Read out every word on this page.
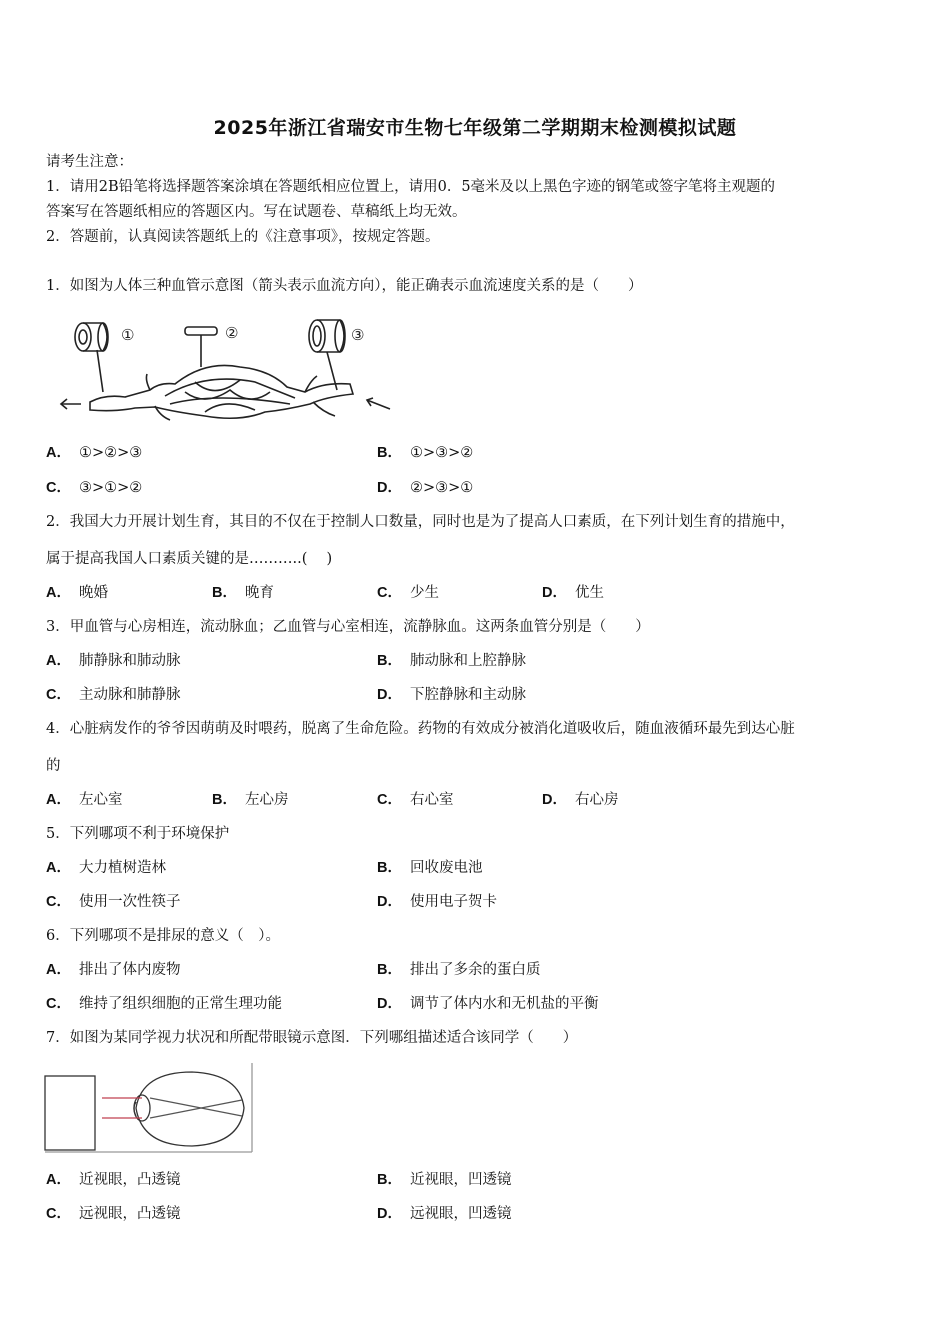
2025年浙江省瑞安市生物七年级第二学期期末检测模拟试题
请考生注意：
1．请用2B铅笔将选择题答案涂填在答题纸相应位置上，请用0．5毫米及以上黑色字迹的钢笔或签字笔将主观题的
答案写在答题纸相应的答题区内。写在试题卷、草稿纸上均无效。
2．答题前，认真阅读答题纸上的《注意事项》，按规定答题。
1．如图为人体三种血管示意图（箭头表示血流方向），能正确表示血流速度关系的是（　　）
①	②	③
A． ①>②>③	B． ①>③>②
C． ③>①>②	D． ②>③>①
2．我国大力开展计划生育，其目的不仅在于控制人口数量，同时也是为了提高人口素质，在下列计划生育的措施中，
属于提高我国人口素质关键的是………..(　 )
A． 晚婚	B． 晚育	C． 少生	D． 优生
3．甲血管与心房相连，流动脉血；乙血管与心室相连，流静脉血。这两条血管分别是（　　）
A． 肺静脉和肺动脉	B． 肺动脉和上腔静脉
C． 主动脉和肺静脉	D． 下腔静脉和主动脉
4．心脏病发作的爷爷因萌萌及时喂药，脱离了生命危险。药物的有效成分被消化道吸收后，随血液循环最先到达心脏
的
A． 左心室	B． 左心房	C． 右心室	D． 右心房
5．下列哪项不利于环境保护
A． 大力植树造林	B． 回收废电池
C． 使用一次性筷子	D． 使用电子贺卡
6．下列哪项不是排尿的意义（　）。
A． 排出了体内废物	B． 排出了多余的蛋白质
C． 维持了组织细胞的正常生理功能	D． 调节了体内水和无机盐的平衡
7．如图为某同学视力状况和所配带眼镜示意图．下列哪组描述适合该同学（　　）
A． 近视眼，凸透镜	B． 近视眼，凹透镜
C． 远视眼，凸透镜	D． 远视眼，凹透镜
